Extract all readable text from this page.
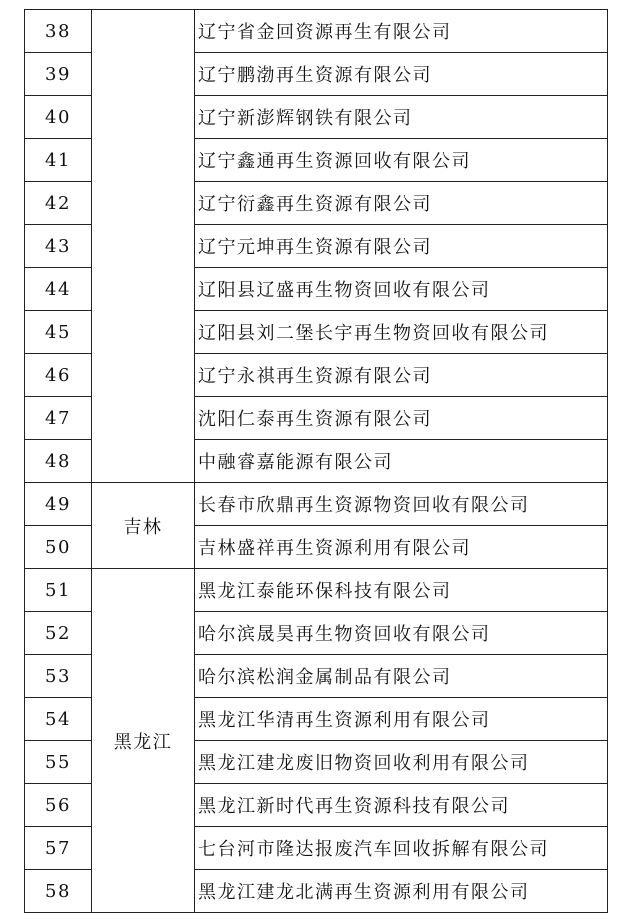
38		辽宁省金回资源再生有限公司
39		辽宁鹏渤再生资源有限公司
40		辽宁新澎辉钢铁有限公司
41		辽宁鑫通再生资源回收有限公司
42		辽宁衍鑫再生资源有限公司
43		辽宁元坤再生资源有限公司
44		辽阳县辽盛再生物资回收有限公司
45		辽阳县刘二堡长宇再生物资回收有限公司
46		辽宁永祺再生资源有限公司
47		沈阳仁泰再生资源有限公司
48		中融睿嘉能源有限公司
49	吉林	长春市欣鼎再生资源物资回收有限公司
50		吉林盛祥再生资源利用有限公司
51	黑龙江	黑龙江泰能环保科技有限公司
52		哈尔滨晟昊再生物资回收有限公司
53		哈尔滨松润金属制品有限公司
54		黑龙江华清再生资源利用有限公司
55		黑龙江建龙废旧物资回收利用有限公司
56		黑龙江新时代再生资源科技有限公司
57		七台河市隆达报废汽车回收拆解有限公司
58		黑龙江建龙北满再生资源利用有限公司
